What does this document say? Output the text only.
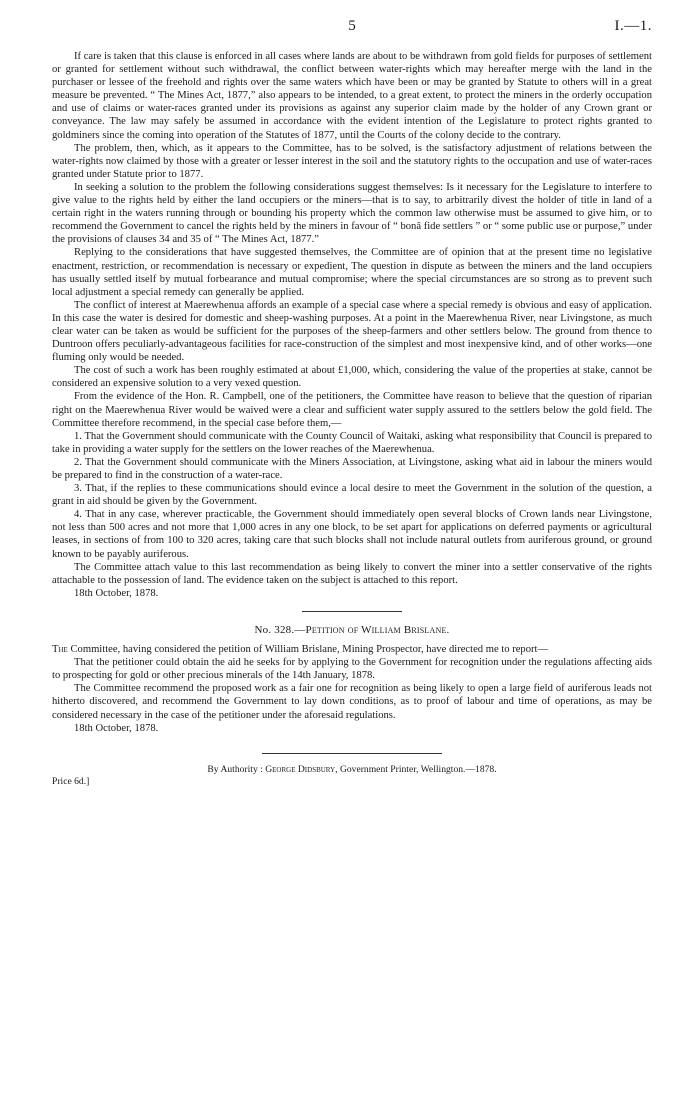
5	I.—1.

If care is taken that this clause is enforced in all cases where lands are about to be withdrawn from gold fields for purposes of settlement or granted for settlement without such withdrawal, the conflict between water-rights which may hereafter merge with the land in the purchaser or lessee of the freehold and rights over the same waters which have been or may be granted by Statute to others will in a great measure be prevented. “ The Mines Act, 1877,” also appears to be intended, to a great extent, to protect the miners in the orderly occupation and use of claims or water-races granted under its provisions as against any superior claim made by the holder of any Crown grant or conveyance. The law may safely be assumed in accordance with the evident intention of the Legislature to protect rights granted to goldminers since the coming into operation of the Statutes of 1877, until the Courts of the colony decide to the contrary.

The problem, then, which, as it appears to the Committee, has to be solved, is the satisfactory adjustment of relations between the water-rights now claimed by those with a greater or lesser interest in the soil and the statutory rights to the occupation and use of water-races granted under Statute prior to 1877.

In seeking a solution to the problem the following considerations suggest themselves: Is it necessary for the Legislature to interfere to give value to the rights held by either the land occupiers or the miners—that is to say, to arbitrarily divest the holder of title in land of a certain right in the waters running through or bounding his property which the common law otherwise must be assumed to give him, or to recommend the Government to cancel the rights held by the miners in favour of “ bonâ fide settlers ” or “ some public use or purpose,” under the provisions of clauses 34 and 35 of “ The Mines Act, 1877.”

Replying to the considerations that have suggested themselves, the Committee are of opinion that at the present time no legislative enactment, restriction, or recommendation is necessary or expedient, The question in dispute as between the miners and the land occupiers has usually settled itself by mutual forbearance and mutual compromise; where the special circumstances are so strong as to prevent such local adjustment a special remedy can generally be applied.

The conflict of interest at Maerewhenua affords an example of a special case where a special remedy is obvious and easy of application. In this case the water is desired for domestic and sheep-washing purposes. At a point in the Maerewhenua River, near Livingstone, as much clear water can be taken as would be sufficient for the purposes of the sheep-farmers and other settlers below. The ground from thence to Duntroon offers peculiarly-advantageous facilities for race-construction of the simplest and most inexpensive kind, and of other works—one fluming only would be needed.

The cost of such a work has been roughly estimated at about £1,000, which, considering the value of the properties at stake, cannot be considered an expensive solution to a very vexed question.

From the evidence of the Hon. R. Campbell, one of the petitioners, the Committee have reason to believe that the question of riparian right on the Maerewhenua River would be waived were a clear and sufficient water supply assured to the settlers below the gold field. The Committee therefore recommend, in the special case before them,—

1. That the Government should communicate with the County Council of Waitaki, asking what responsibility that Council is prepared to take in providing a water supply for the settlers on the lower reaches of the Maerewhenua.

2. That the Government should communicate with the Miners Association, at Livingstone, asking what aid in labour the miners would be prepared to find in the construction of a water-race.

3. That, if the replies to these communications should evince a local desire to meet the Government in the solution of the question, a grant in aid should be given by the Government.

4. That in any case, wherever practicable, the Government should immediately open several blocks of Crown lands near Livingstone, not less than 500 acres and not more that 1,000 acres in any one block, to be set apart for applications on deferred payments or agricultural leases, in sections of from 100 to 320 acres, taking care that such blocks shall not include natural outlets from auriferous ground, or ground known to be payably auriferous.

The Committee attach value to this last recommendation as being likely to convert the miner into a settler conservative of the rights attachable to the possession of land. The evidence taken on the subject is attached to this report.

18th October, 1878.

No. 328.—Petition of William Brislane.

The Committee, having considered the petition of William Brislane, Mining Prospector, have directed me to report—

That the petitioner could obtain the aid he seeks for by applying to the Government for recognition under the regulations affecting aids to prospecting for gold or other precious minerals of the 14th January, 1878.

The Committee recommend the proposed work as a fair one for recognition as being likely to open a large field of auriferous leads not hitherto discovered, and recommend the Government to lay down conditions, as to proof of labour and time of operations, as may be considered necessary in the case of the petitioner under the aforesaid regulations.

18th October, 1878.

By Authority : George Didsbury, Government Printer, Wellington.—1878.
Price 6d.]
